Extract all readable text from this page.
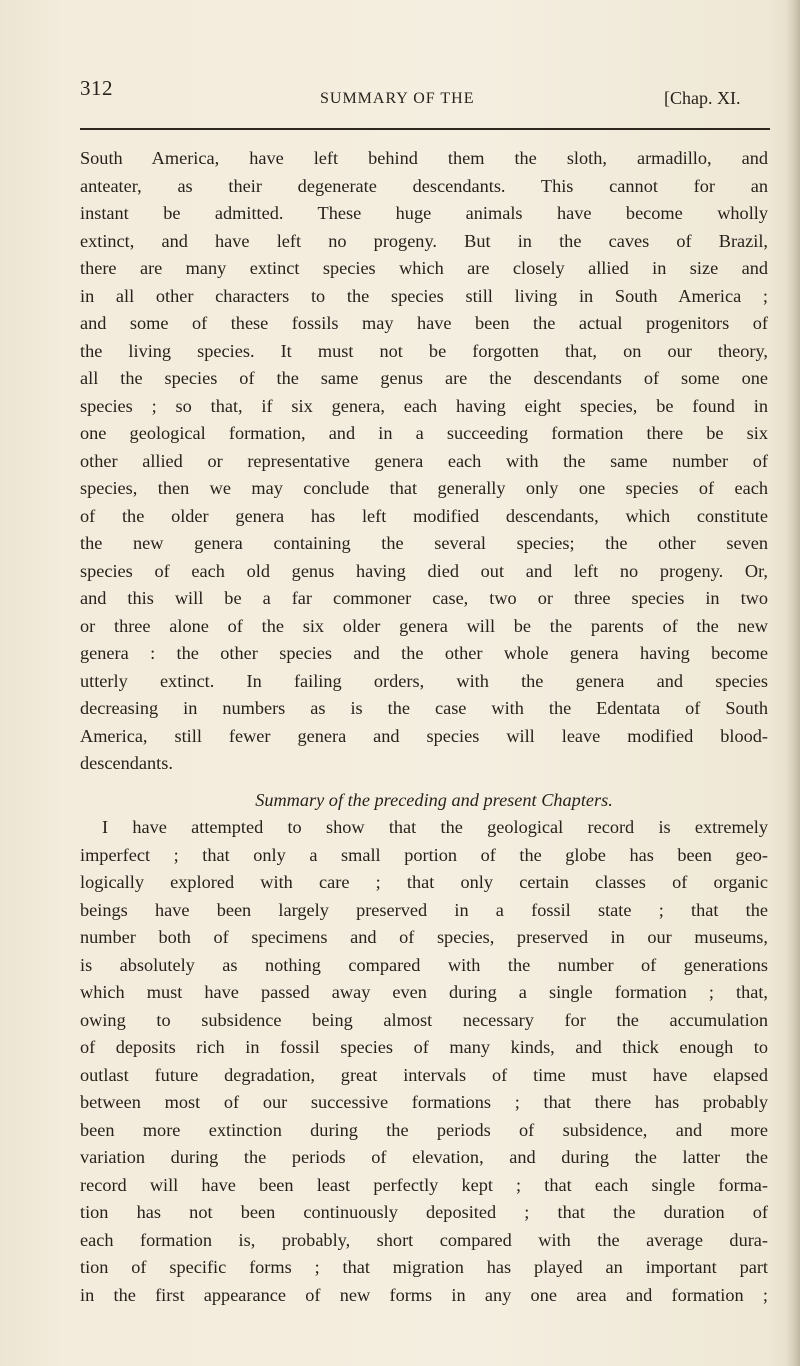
312	SUMMARY OF THE	[Chap. XI.
South America, have left behind them the sloth, armadillo, and
anteater, as their degenerate descendants. This cannot for an
instant be admitted. These huge animals have become wholly
extinct, and have left no progeny. But in the caves of Brazil,
there are many extinct species which are closely allied in size and
in all other characters to the species still living in South America ;
and some of these fossils may have been the actual progenitors of
the living species. It must not be forgotten that, on our theory,
all the species of the same genus are the descendants of some one
species ; so that, if six genera, each having eight species, be found in
one geological formation, and in a succeeding formation there be six
other allied or representative genera each with the same number of
species, then we may conclude that generally only one species of each
of the older genera has left modified descendants, which constitute
the new genera containing the several species; the other seven
species of each old genus having died out and left no progeny. Or,
and this will be a far commoner case, two or three species in two
or three alone of the six older genera will be the parents of the new
genera : the other species and the other whole genera having become
utterly extinct. In failing orders, with the genera and species
decreasing in numbers as is the case with the Edentata of South
America, still fewer genera and species will leave modified blood-
descendants.
Summary of the preceding and present Chapters.
I have attempted to show that the geological record is extremely
imperfect ; that only a small portion of the globe has been geo-
logically explored with care ; that only certain classes of organic
beings have been largely preserved in a fossil state ; that the
number both of specimens and of species, preserved in our museums,
is absolutely as nothing compared with the number of generations
which must have passed away even during a single formation ; that,
owing to subsidence being almost necessary for the accumulation
of deposits rich in fossil species of many kinds, and thick enough to
outlast future degradation, great intervals of time must have elapsed
between most of our successive formations ; that there has probably
been more extinction during the periods of subsidence, and more
variation during the periods of elevation, and during the latter the
record will have been least perfectly kept ; that each single forma-
tion has not been continuously deposited ; that the duration of
each formation is, probably, short compared with the average dura-
tion of specific forms ; that migration has played an important part
in the first appearance of new forms in any one area and formation ;
